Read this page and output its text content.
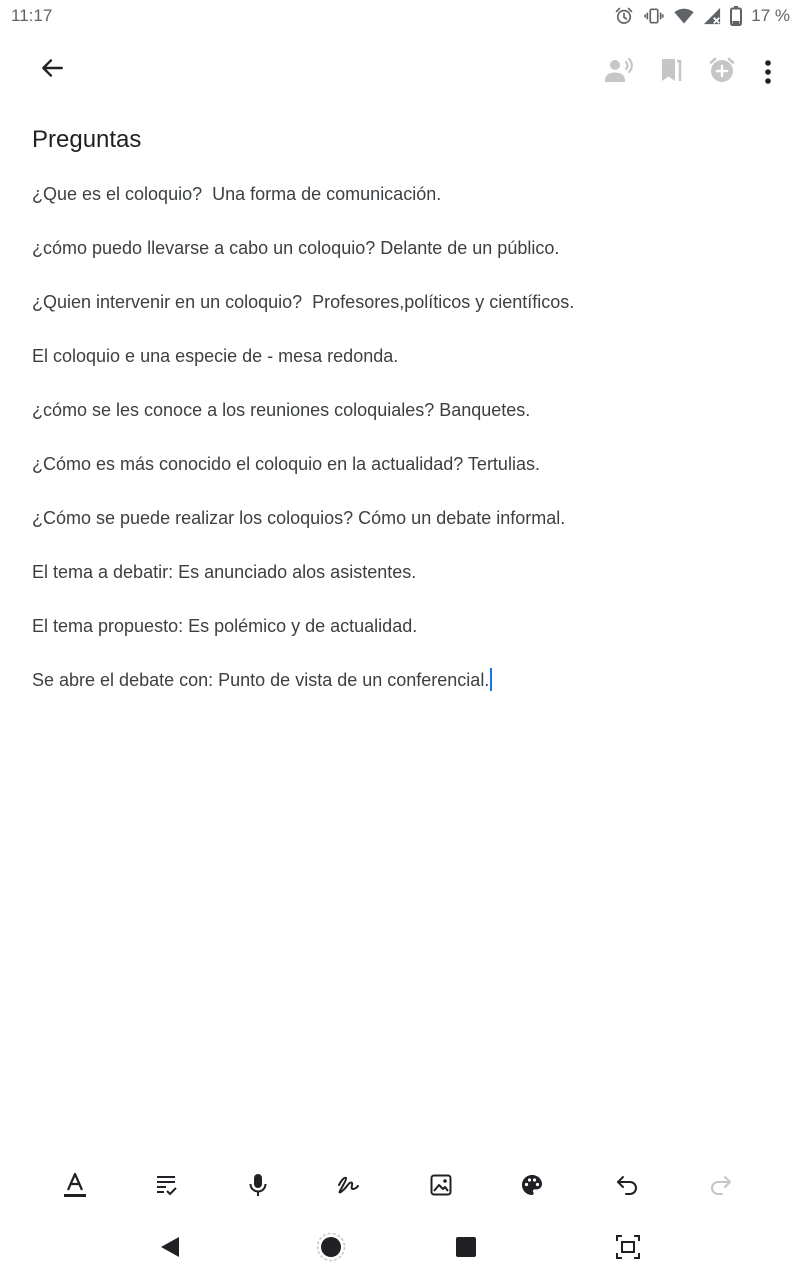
11:17	17 %
Preguntas
¿Que es el coloquio?  Una forma de comunicación.
¿cómo puedo llevarse a cabo un coloquio? Delante de un público.
¿Quien intervenir en un coloquio?  Profesores,políticos y científicos.
El coloquio e una especie de - mesa redonda.
¿cómo se les conoce a los reuniones coloquiales? Banquetes.
¿Cómo es más conocido el coloquio en la actualidad? Tertulias.
¿Cómo se puede realizar los coloquios? Cómo un debate informal.
El tema a debatir: Es anunciado alos asistentes.
El tema propuesto: Es polémico y de actualidad.
Se abre el debate con: Punto de vista de un conferencial.
